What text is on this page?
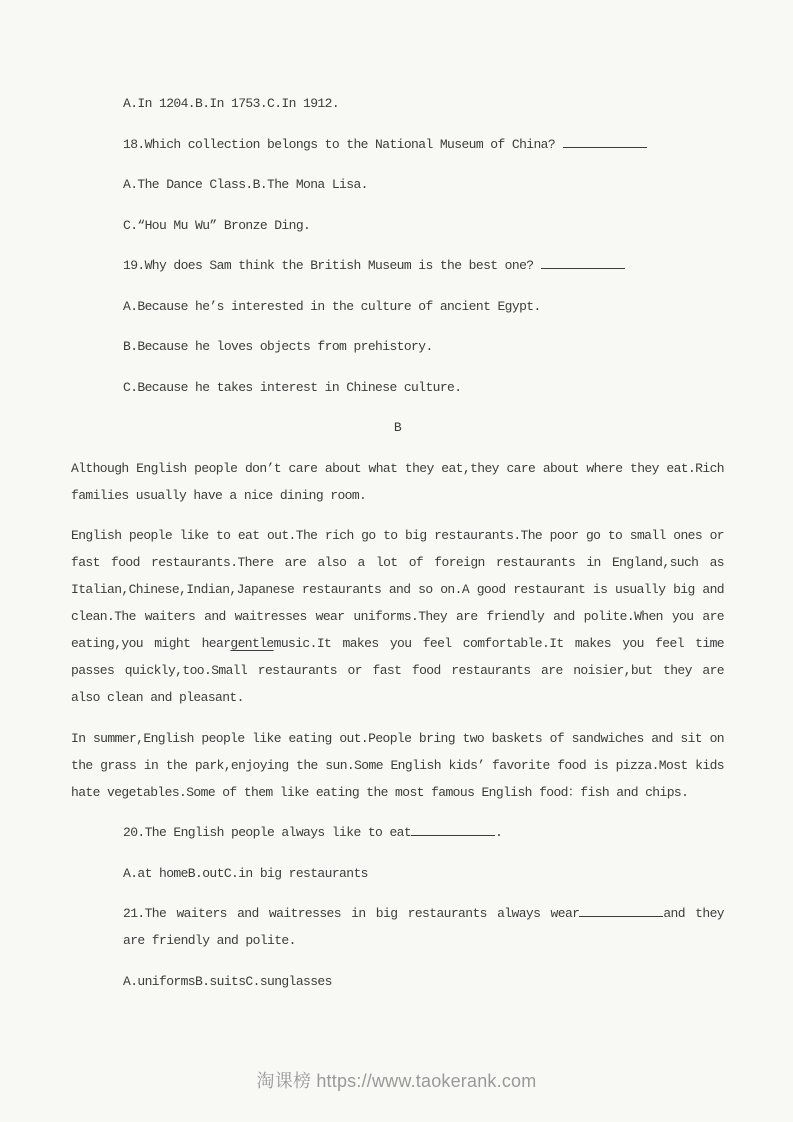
A.In 1204.B.In 1753.C.In 1912.

18.Which collection belongs to the National Museum of China?

A.The Dance Class.B.The Mona Lisa.

C.“Hou Mu Wu” Bronze Ding.

19.Why does Sam think the British Museum is the best one?

A.Because he’s interested in the culture of ancient Egypt.

B.Because he loves objects from prehistory.

C.Because he takes interest in Chinese culture.

B

Although English people don’t care about what they eat,they care about where they eat.Rich families usually have a nice dining room.

English people like to eat out.The rich go to big restaurants.The poor go to small ones or fast food restaurants.There are also a lot of foreign restaurants in England,such as Italian,Chinese,Indian,Japanese restaurants and so on.A good restaurant is usually big and clean.The waiters and waitresses wear uniforms.They are friendly and polite.When you are eating,you might heargentlemusic.It makes you feel comfortable.It makes you feel time passes quickly,too.Small restaurants or fast food restaurants are noisier,but they are also clean and pleasant.

In summer,English people like eating out.People bring two baskets of sandwiches and sit on the grass in the park,enjoying the sun.Some English kids’ favorite food is pizza.Most kids hate vegetables.Some of them like eating the most famous English food：fish and chips.

20.The English people always like to eat	.

A.at homeB.outC.in big restaurants

21.The waiters and waitresses in big restaurants always wear	and they are friendly and polite.

A.uniformsB.suitsC.sunglasses

淘课榜 https://www.taokerank.com
